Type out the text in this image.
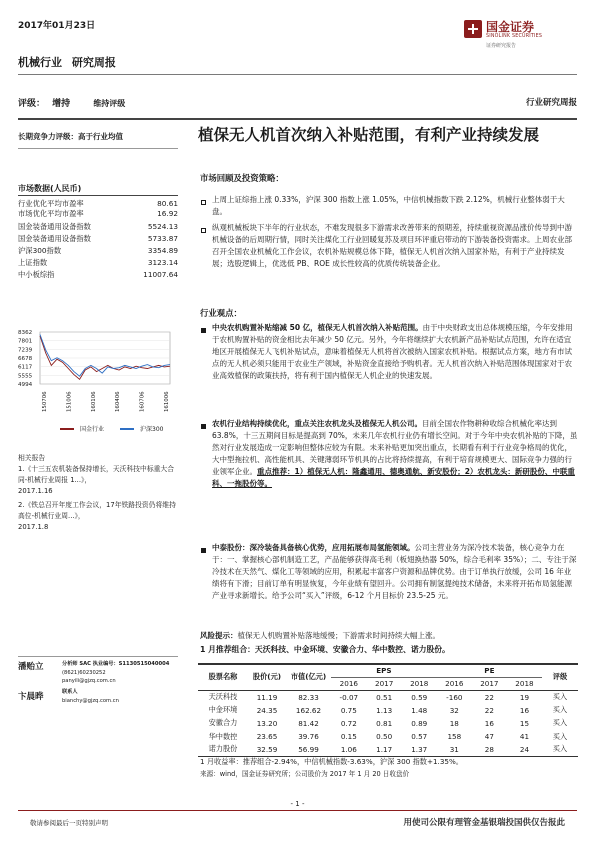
2017年01月23日	国金证券
SINOLINK SECURITIES
证券研究报告
机械行业 研究周报
评级： 增持	维持评级	行业研究周报
长期竞争力评级：高于行业均值
市场数据(人民币)
行业优化平均市盈率	80.61
市场优化平均市盈率	16.92
国金装备通用设备指数	5524.13
国金装备通用设备指数	5733.87
沪深300指数	3354.89
上证指数	3123.14
中小板综指	11007.64
8362
7801
7239
6678
6117
5555
4994
150706	151006	160106	160406	160706	161006
国金行业	沪深300
相关报告
1.《十三五农机装备保持增长，天沃科技中标重大合同-机械行业周报 1...》，
2017.1.16
2.《铁总召开年度工作会议，17年铁路投资仍将维持高位-机械行业周...》，
2017.1.8
潘贻立	分析师 SAC 执业编号：S1130515040004
(8621)60230252
panyili@gjzq.com.cn
卞晨晔	联系人
bianchy@gjzq.com.cn
植保无人机首次纳入补贴范围，有利产业持续发展
市场回顾及投资策略：
上周上证综指上涨 0.33%，沪深 300 指数上涨 1.05%，中信机械指数下跌 2.12%，机械行业整体弱于大盘。
纵观机械板块下半年的行业状态，不难发现很多下游需求改善带来的预期差，持续重视资源品涨价传导到中游机械设备的后周期行情，同时关注煤化工行业回暖复苏及项目环评重启带动的下游装备投资需求。上周农业部召开全国农业机械化工作会议，农机补贴规模总体下降，植保无人机首次纳入国家补贴，有利于产业持续发展；选股逻辑上，优选低 PB、ROE 成长性较高的优质传统装备企业。
行业观点：
中央农机购置补贴缩减 50 亿，植保无人机首次纳入补贴范围。由于中央财政支出总体规模压缩，今年安排用于农机购置补贴的资金相比去年减少 50 亿元。另外，今年将继续扩大农机新产品补贴试点范围，允许在适宜地区开展植保无人飞机补贴试点，意味着植保无人机将首次被纳入国家农机补贴。根据试点方案，地方有市试点的无人机必须只能用于农业生产领域，补贴资金直接给予购机者。无人机首次纳入补贴范围体现国家对于农业高效植保的政策扶持，将有利于国内植保无人机企业的快速发展。
农机行业结构持续优化，重点关注农机龙头及植保无人机公司。目前全国农作物耕种收综合机械化率达到 63.8%，十三五期间目标是提高到 70%，未来几年农机行业仍有增长空间。对于今年中央农机补贴的下降，虽然对行业发展造成一定影响但整体应较为有限。未来补贴更加突出重点，长期看有利于行业竞争格局的优化，大中型拖拉机、高性能机具、关键薄弱环节机具的占比将持续提高，有利于培育规模更大、国际竞争力强的行业领军企业。重点推荐：1）植保无人机：隆鑫通用、德奥通航、新安股份；2）农机龙头：新研股份、中联重科、一拖股份等。
中泰股份：深冷装备具备核心优势，应用拓展布局氢能领域。公司主营业务为深冷技术装备，核心竞争力在于：一、掌握核心部机制造工艺，产品能够获得高毛利（板翅换热器 50%，综合毛利率 35%）；二、专注于深冷技术在天然气、煤化工等领域的应用，积累起丰富客户资源和品牌优势。由于订单执行放缓，公司 16 年业绩将有下滑；目前订单有明显恢复，今年业绩有望回升。公司拥有制氢提纯技术储备，未来将开拓布局氢能源产业寻求新增长。给予公司“买入”评级，6-12 个月目标价 23.5-25 元。
风险提示：植保无人机购置补贴落地缓慢；下游需求时间持续大幅上涨。
1 月推荐组合：天沃科技、中金环境、安徽合力、华中数控、诺力股份。
股票名称	股价(元)	市值(亿元)	EPS			PE			评级
			2016	2017	2018	2016	2017	2018	
天沃科技	11.19	82.33	-0.07	0.51	0.59	-160	22	19	买入
中金环境	24.35	162.62	0.75	1.13	1.48	32	22	16	买入
安徽合力	13.20	81.42	0.72	0.81	0.89	18	16	15	买入
华中数控	23.65	39.76	0.15	0.50	0.57	158	47	41	买入
诺力股份	32.59	56.99	1.06	1.17	1.37	31	28	24	买入
1 月收益率：推荐组合-2.94%，中信机械指数-3.63%，沪深 300 指数+1.35%。
来源：wind，国金证券研究所；公司股价为 2017 年 1 月 20 日收盘价
- 1 -
敬请参阅最后一页特别声明	用使司公限有理管金基银瑞投国供仅告报此
